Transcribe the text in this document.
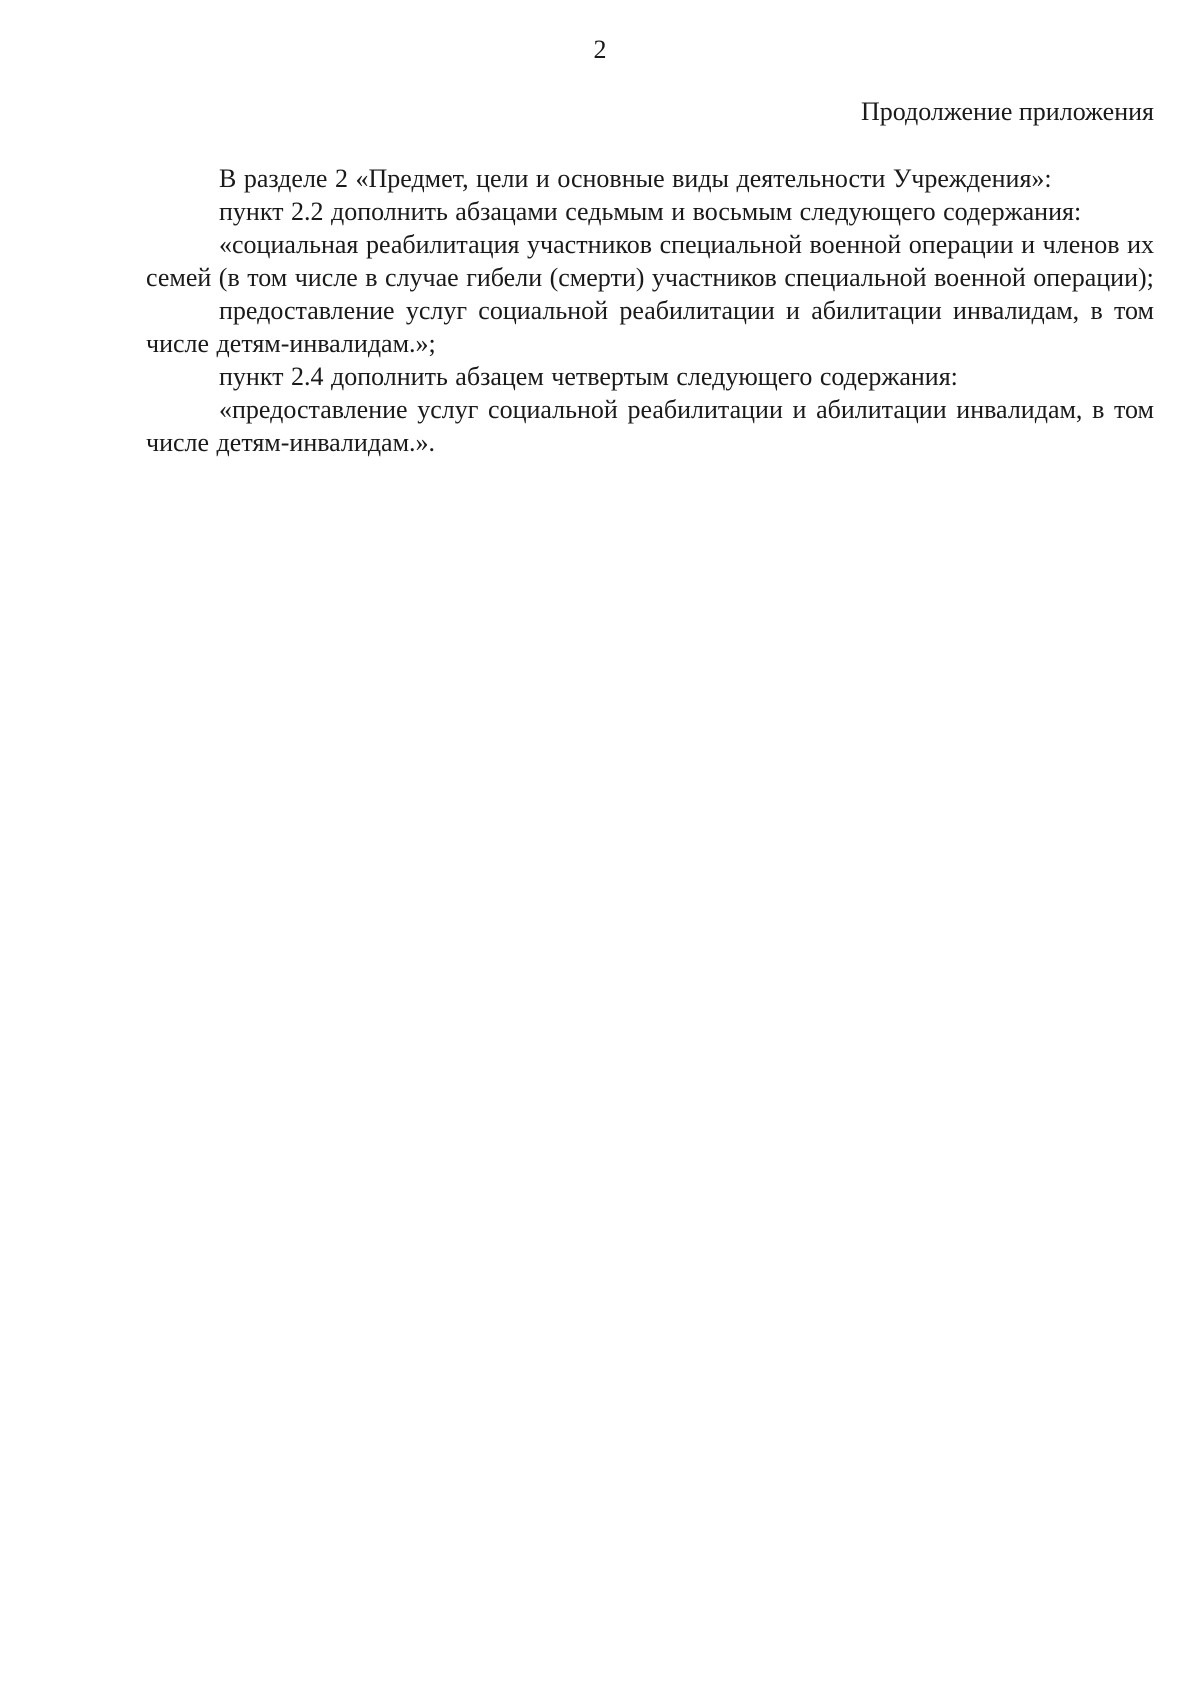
2
Продолжение приложения

В разделе 2 «Предмет, цели и основные виды деятельности Учреждения»:

пункт 2.2 дополнить абзацами седьмым и восьмым следующего содержания:

«социальная реабилитация участников специальной военной операции и членов их семей (в том числе в случае гибели (смерти) участников специальной военной операции);

предоставление услуг социальной реабилитации и абилитации инвалидам, в том числе детям-инвалидам.»;

пункт 2.4 дополнить абзацем четвертым следующего содержания:

«предоставление услуг социальной реабилитации и абилитации инвалидам, в том числе детям-инвалидам.».
